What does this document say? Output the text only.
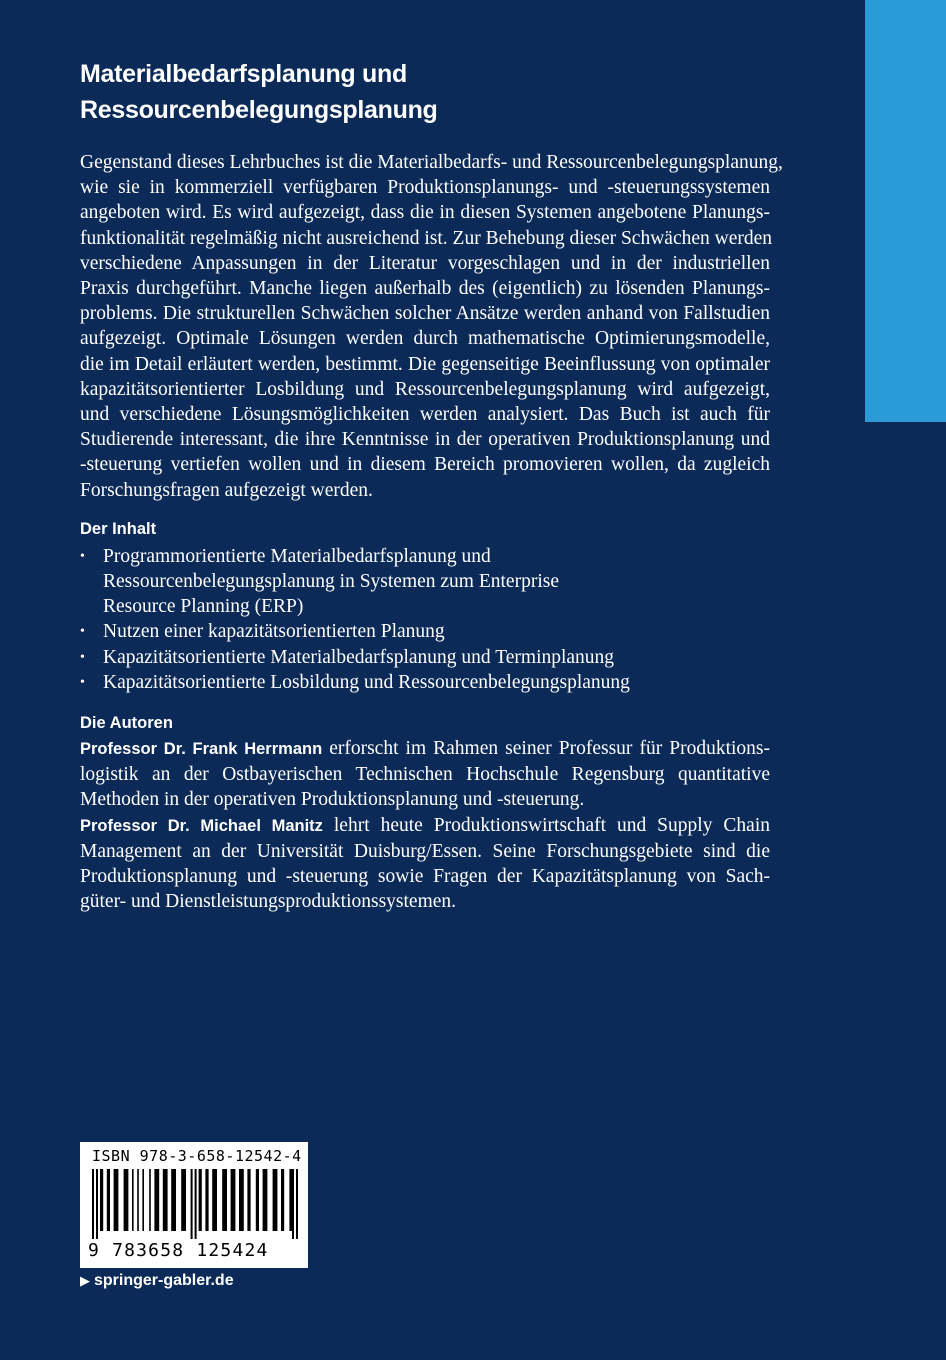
Materialbedarfsplanung und Ressourcenbelegungsplanung
Gegenstand dieses Lehrbuches ist die Materialbedarfs- und Ressourcenbelegungsplanung,
wie sie in kommerziell verfügbaren Produktionsplanungs- und -steuerungssystemen
angeboten wird. Es wird aufgezeigt, dass die in diesen Systemen angebotene Planungs-
funktionalität regelmäßig nicht ausreichend ist. Zur Behebung dieser Schwächen werden
verschiedene Anpassungen in der Literatur vorgeschlagen und in der industriellen
Praxis durchgeführt. Manche liegen außerhalb des (eigentlich) zu lösenden Planungs-
problems. Die strukturellen Schwächen solcher Ansätze werden anhand von Fallstudien
aufgezeigt. Optimale Lösungen werden durch mathematische Optimierungsmodelle,
die im Detail erläutert werden, bestimmt. Die gegenseitige Beeinflussung von optimaler
kapazitätsorientierter Losbildung und Ressourcenbelegungsplanung wird aufgezeigt,
und verschiedene Lösungsmöglichkeiten werden analysiert. Das Buch ist auch für
Studierende interessant, die ihre Kenntnisse in der operativen Produktionsplanung und
-steuerung vertiefen wollen und in diesem Bereich promovieren wollen, da zugleich
Forschungsfragen aufgezeigt werden.
Der Inhalt
• Programmorientierte Materialbedarfsplanung und
Ressourcenbelegungsplanung in Systemen zum Enterprise
Resource Planning (ERP)
• Nutzen einer kapazitätsorientierten Planung
• Kapazitätsorientierte Materialbedarfsplanung und Terminplanung
• Kapazitätsorientierte Losbildung und Ressourcenbelegungsplanung
Die Autoren
Professor Dr. Frank Herrmann erforscht im Rahmen seiner Professur für Produktions-
logistik an der Ostbayerischen Technischen Hochschule Regensburg quantitative
Methoden in der operativen Produktionsplanung und -steuerung.
Professor Dr. Michael Manitz lehrt heute Produktionswirtschaft und Supply Chain
Management an der Universität Duisburg/Essen. Seine Forschungsgebiete sind die
Produktionsplanung und -steuerung sowie Fragen der Kapazitätsplanung von Sach-
güter- und Dienstleistungsproduktionssystemen.
ISBN 978-3-658-12542-4
9 783658 125424
▶ springer-gabler.de
